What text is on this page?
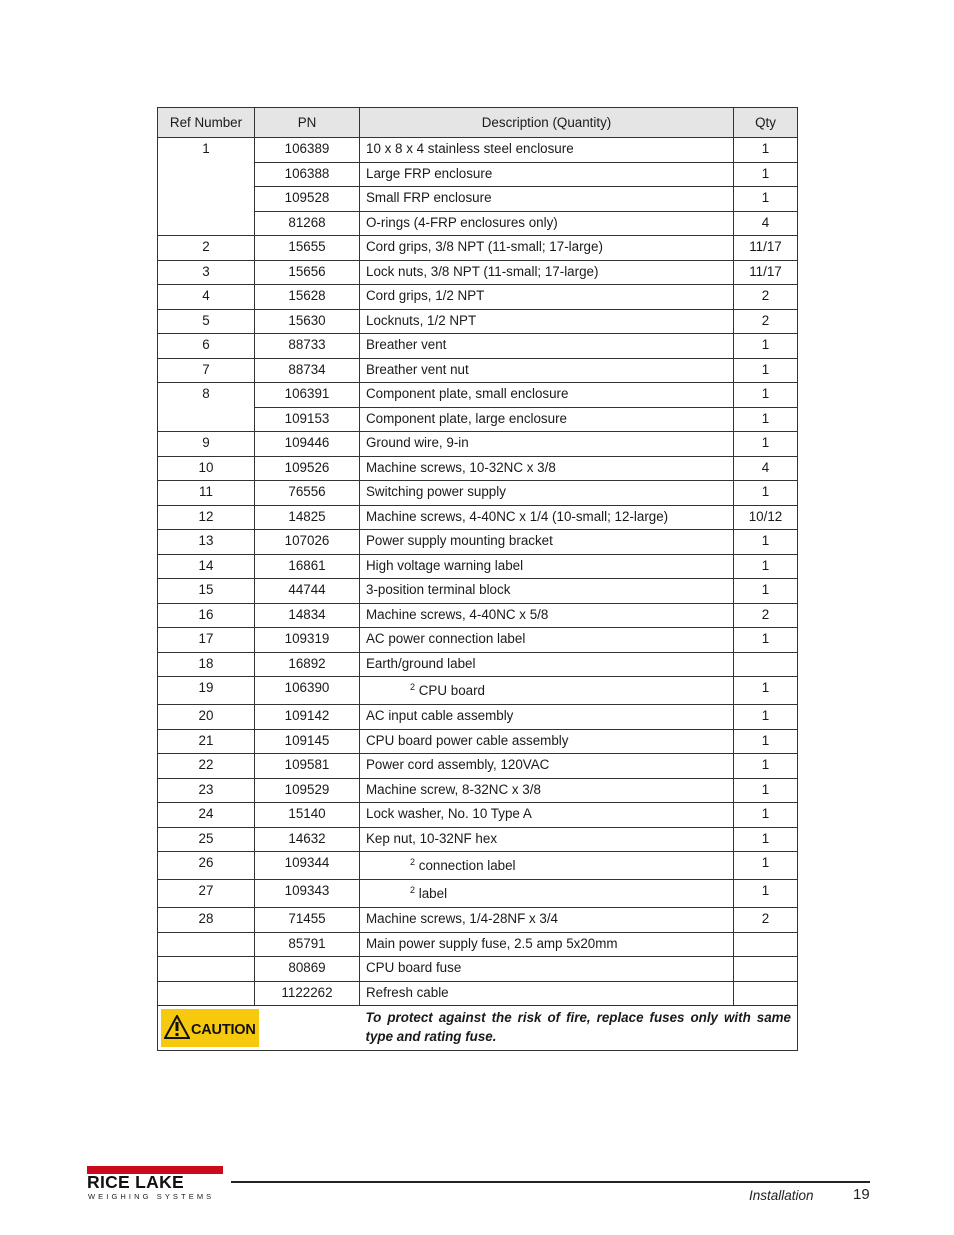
Ref Number	PN	Description (Quantity)	Qty
1	106389	10 x 8 x 4 stainless steel enclosure	1
	106388	Large FRP enclosure	1
	109528	Small FRP enclosure	1
	81268	O-rings (4-FRP enclosures only)	4
2	15655	Cord grips, 3/8 NPT (11-small; 17-large)	11/17
3	15656	Lock nuts, 3/8 NPT (11-small; 17-large)	11/17
4	15628	Cord grips, 1/2 NPT	2
5	15630	Locknuts, 1/2 NPT	2
6	88733	Breather vent	1
7	88734	Breather vent nut	1
8	106391	Component plate, small enclosure	1
	109153	Component plate, large enclosure	1
9	109446	Ground wire, 9-in	1
10	109526	Machine screws, 10-32NC x 3/8	4
11	76556	Switching power supply	1
12	14825	Machine screws, 4-40NC x 1/4 (10-small; 12-large)	10/12
13	107026	Power supply mounting bracket	1
14	16861	High voltage warning label	1
15	44744	3-position terminal block	1
16	14834	Machine screws, 4-40NC x 5/8	2
17	109319	AC power connection label	1
18	16892	Earth/ground label	
19	106390	$^2$ CPU board	1
20	109142	AC input cable assembly	1
21	109145	CPU board power cable assembly	1
22	109581	Power cord assembly, 120VAC	1
23	109529	Machine screw, 8-32NC x 3/8	1
24	15140	Lock washer, No. 10 Type A	1
25	14632	Kep nut, 10-32NF hex	1
26	109344	$^2$ connection label	1
27	109343	$^2$ label	1
28	71455	Machine screws, 1/4-28NF x 3/4	2
	85791	Main power supply fuse, 2.5 amp 5x20mm	
	80869	CPU board fuse	
	1122262	Refresh cable	

CAUTION		To protect against the risk of fire, replace fuses only with same type and rating fuse.	
RICE LAKE
WEIGHING SYSTEMS	Installation	19
